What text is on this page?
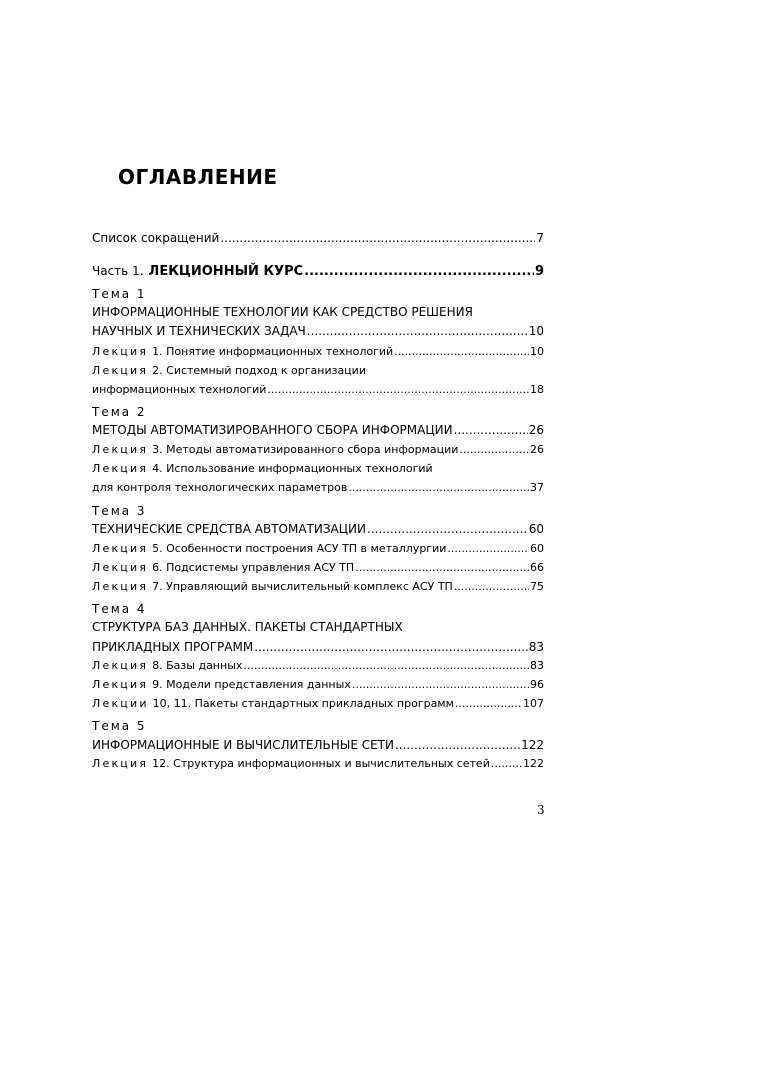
ОГЛАВЛЕНИЕ
Список сокращений .....	7
Часть 1. ЛЕКЦИОННЫЙ КУРС .....	9
Тема 1
ИНФОРМАЦИОННЫЕ ТЕХНОЛОГИИ КАК СРЕДСТВО РЕШЕНИЯ
НАУЧНЫХ И ТЕХНИЧЕСКИХ ЗАДАЧ .....	10
Лекция 1. Понятие информационных технологий .....	10
Лекция 2. Системный подход к организации
информационных технологий .....	18
Тема 2
МЕТОДЫ АВТОМАТИЗИРОВАННОГО СБОРА ИНФОРМАЦИИ .....	26
Лекция 3. Методы автоматизированного сбора информации .....	26
Лекция 4. Использование информационных технологий
для контроля технологических параметров .....	37
Тема 3
ТЕХНИЧЕСКИЕ СРЕДСТВА АВТОМАТИЗАЦИИ .....	60
Лекция 5. Особенности построения АСУ ТП в металлургии .....	60
Лекция 6. Подсистемы управления АСУ ТП .....	66
Лекция 7. Управляющий вычислительный комплекс АСУ ТП .....	75
Тема 4
СТРУКТУРА БАЗ ДАННЫХ. ПАКЕТЫ СТАНДАРТНЫХ
ПРИКЛАДНЫХ ПРОГРАММ .....	83
Лекция 8. Базы данных .....	83
Лекция 9. Модели представления данных .....	96
Лекции 10, 11. Пакеты стандартных прикладных программ .....	107
Тема 5
ИНФОРМАЦИОННЫЕ И ВЫЧИСЛИТЕЛЬНЫЕ СЕТИ .....	122
Лекция 12. Структура информационных и вычислительных сетей .....	122
3
